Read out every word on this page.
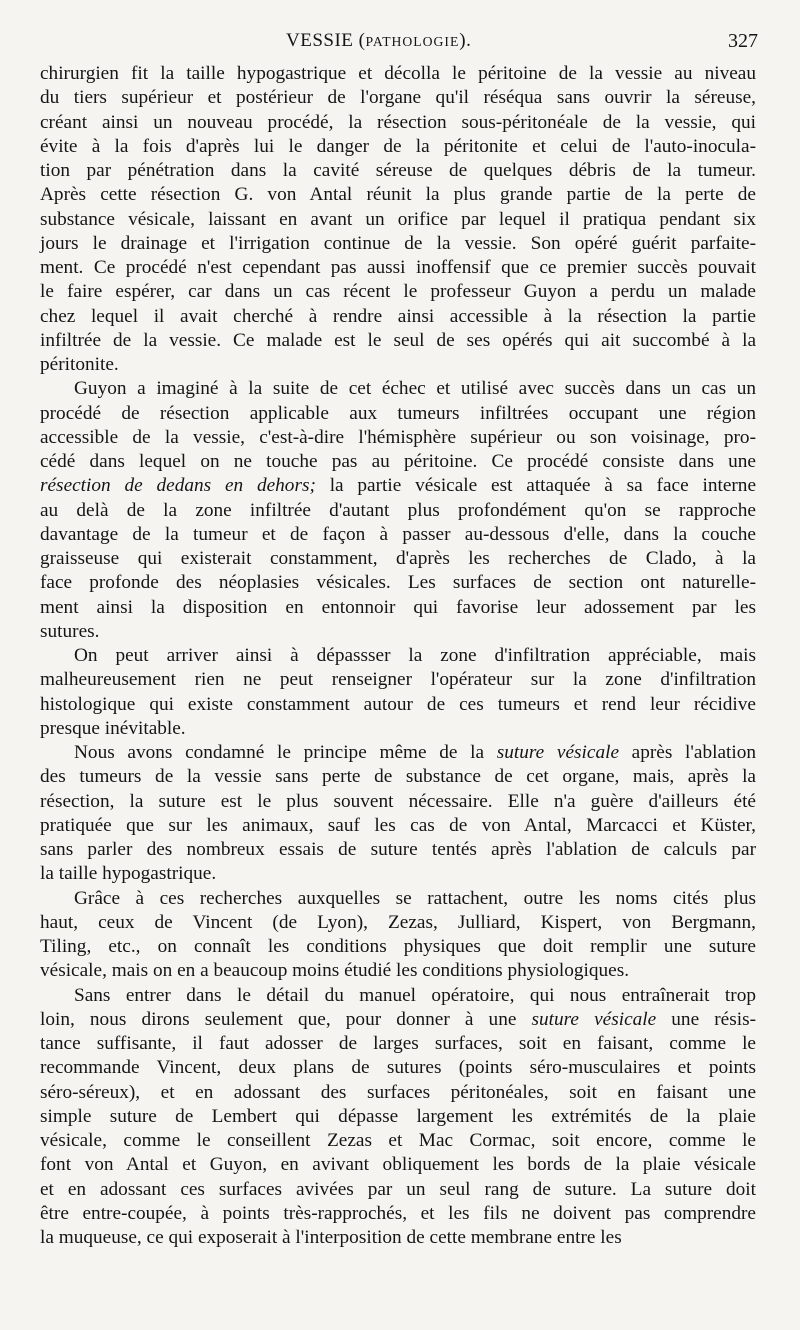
VESSIE (PATHOLOGIE).	327
chirurgien fit la taille hypogastrique et décolla le péritoine de la vessie au niveau
du tiers supérieur et postérieur de l'organe qu'il réséqua sans ouvrir la séreuse,
créant ainsi un nouveau procédé, la résection sous-péritonéale de la vessie, qui
évite à la fois d'après lui le danger de la péritonite et celui de l'auto-inocula-
tion par pénétration dans la cavité séreuse de quelques débris de la tumeur.
Après cette résection G. von Antal réunit la plus grande partie de la perte de
substance vésicale, laissant en avant un orifice par lequel il pratiqua pendant six
jours le drainage et l'irrigation continue de la vessie. Son opéré guérit parfaite-
ment. Ce procédé n'est cependant pas aussi inoffensif que ce premier succès pouvait
le faire espérer, car dans un cas récent le professeur Guyon a perdu un malade
chez lequel il avait cherché à rendre ainsi accessible à la résection la partie
infiltrée de la vessie. Ce malade est le seul de ses opérés qui ait succombé à la
péritonite.
Guyon a imaginé à la suite de cet échec et utilisé avec succès dans un cas un
procédé de résection applicable aux tumeurs infiltrées occupant une région
accessible de la vessie, c'est-à-dire l'hémisphère supérieur ou son voisinage, pro-
cédé dans lequel on ne touche pas au péritoine. Ce procédé consiste dans une
résection de dedans en dehors; la partie vésicale est attaquée à sa face interne
au delà de la zone infiltrée d'autant plus profondément qu'on se rapproche
davantage de la tumeur et de façon à passer au-dessous d'elle, dans la couche
graisseuse qui existerait constamment, d'après les recherches de Clado, à la
face profonde des néoplasies vésicales. Les surfaces de section ont naturelle-
ment ainsi la disposition en entonnoir qui favorise leur adossement par les
sutures.
On peut arriver ainsi à dépassser la zone d'infiltration appréciable, mais
malheureusement rien ne peut renseigner l'opérateur sur la zone d'infiltration
histologique qui existe constamment autour de ces tumeurs et rend leur récidive
presque inévitable.
Nous avons condamné le principe même de la suture vésicale après l'ablation
des tumeurs de la vessie sans perte de substance de cet organe, mais, après la
résection, la suture est le plus souvent nécessaire. Elle n'a guère d'ailleurs été
pratiquée que sur les animaux, sauf les cas de von Antal, Marcacci et Küster,
sans parler des nombreux essais de suture tentés après l'ablation de calculs par
la taille hypogastrique.
Grâce à ces recherches auxquelles se rattachent, outre les noms cités plus
haut, ceux de Vincent (de Lyon), Zezas, Julliard, Kispert, von Bergmann,
Tiling, etc., on connaît les conditions physiques que doit remplir une suture
vésicale, mais on en a beaucoup moins étudié les conditions physiologiques.
Sans entrer dans le détail du manuel opératoire, qui nous entraînerait trop
loin, nous dirons seulement que, pour donner à une suture vésicale une résis-
tance suffisante, il faut adosser de larges surfaces, soit en faisant, comme le
recommande Vincent, deux plans de sutures (points séro-musculaires et points
séro-séreux), et en adossant des surfaces péritonéales, soit en faisant une
simple suture de Lembert qui dépasse largement les extrémités de la plaie
vésicale, comme le conseillent Zezas et Mac Cormac, soit encore, comme le
font von Antal et Guyon, en avivant obliquement les bords de la plaie vésicale
et en adossant ces surfaces avivées par un seul rang de suture. La suture doit
être entre-coupée, à points très-rapprochés, et les fils ne doivent pas comprendre
la muqueuse, ce qui exposerait à l'interposition de cette membrane entre les
